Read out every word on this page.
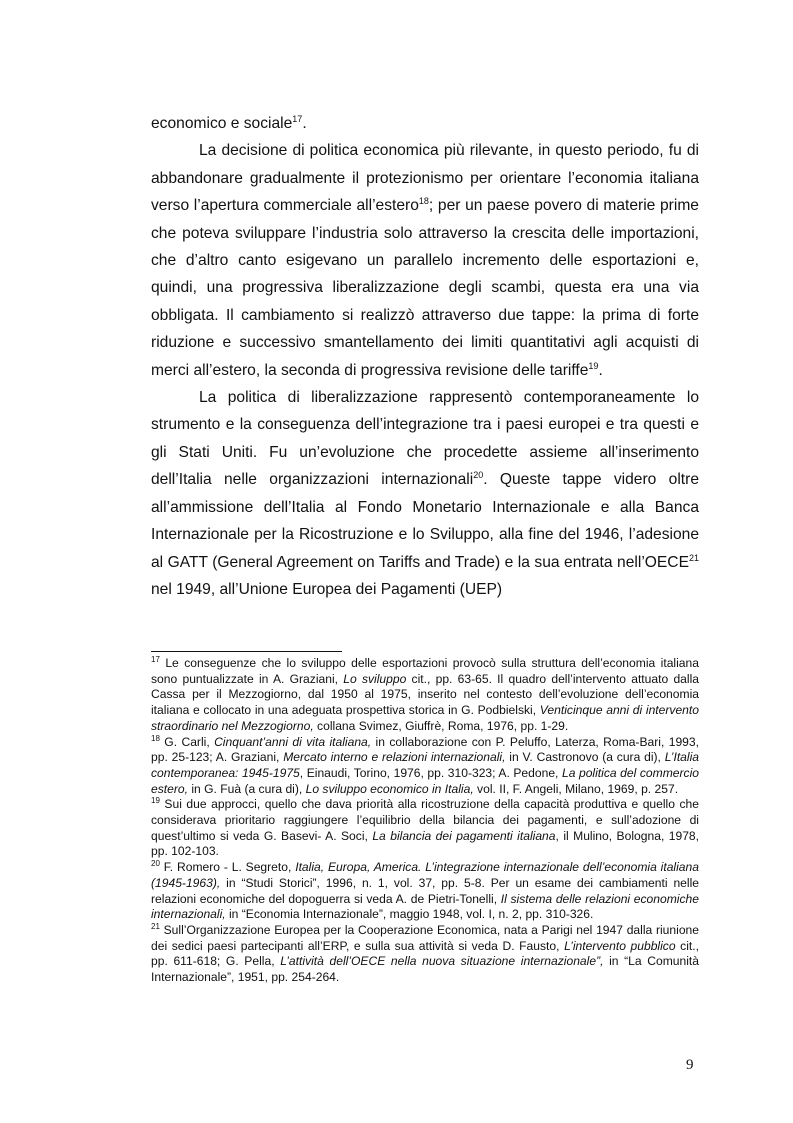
economico e sociale$^{17}$.

La decisione di politica economica più rilevante, in questo periodo, fu di abbandonare gradualmente il protezionismo per orientare l’economia italiana verso l’apertura commerciale all’estero$^{18}$; per un paese povero di materie prime che poteva sviluppare l’industria solo attraverso la crescita delle importazioni, che d’altro canto esigevano un parallelo incremento delle esportazioni e, quindi, una progressiva liberalizzazione degli scambi, questa era una via obbligata. Il cambiamento si realizzò attraverso due tappe: la prima di forte riduzione e successivo smantellamento dei limiti quantitativi agli acquisti di merci all’estero, la seconda di progressiva revisione delle tariffe$^{19}$.

La politica di liberalizzazione rappresentò contemporaneamente lo strumento e la conseguenza dell’integrazione tra i paesi europei e tra questi e gli Stati Uniti. Fu un’evoluzione che procedette assieme all’inserimento dell’Italia nelle organizzazioni internazionali$^{20}$. Queste tappe videro oltre all’ammissione dell’Italia al Fondo Monetario Internazionale e alla Banca Internazionale per la Ricostruzione e lo Sviluppo, alla fine del 1946, l’adesione al GATT (General Agreement on Tariffs and Trade) e la sua entrata nell’OECE$^{21}$ nel 1949, all’Unione Europea dei Pagamenti (UEP)

$^{17}$ Le conseguenze che lo sviluppo delle esportazioni provocò sulla struttura dell’economia italiana sono puntualizzate in A. Graziani, Lo sviluppo cit., pp. 63-65. Il quadro dell’intervento attuato dalla Cassa per il Mezzogiorno, dal 1950 al 1975, inserito nel contesto dell’evoluzione dell’economia italiana e collocato in una adeguata prospettiva storica in G. Podbielski, Venticinque anni di intervento straordinario nel Mezzogiorno, collana Svimez, Giuffrè, Roma, 1976, pp. 1-29.

$^{18}$ G. Carli, Cinquant’anni di vita italiana, in collaborazione con P. Peluffo, Laterza, Roma-Bari, 1993, pp. 25-123; A. Graziani, Mercato interno e relazioni internazionali, in V. Castronovo (a cura di), L’Italia contemporanea: 1945-1975, Einaudi, Torino, 1976, pp. 310-323; A. Pedone, La politica del commercio estero, in G. Fuà (a cura di), Lo sviluppo economico in Italia, vol. II, F. Angeli, Milano, 1969, p. 257.

$^{19}$ Sui due approcci, quello che dava priorità alla ricostruzione della capacità produttiva e quello che considerava prioritario raggiungere l’equilibrio della bilancia dei pagamenti, e sull’adozione di quest’ultimo si veda G. Basevi- A. Soci, La bilancia dei pagamenti italiana, il Mulino, Bologna, 1978, pp. 102-103.

$^{20}$ F. Romero - L. Segreto, Italia, Europa, America. L’integrazione internazionale dell’economia italiana (1945-1963), in “Studi Storici”, 1996, n. 1, vol. 37, pp. 5-8. Per un esame dei cambiamenti nelle relazioni economiche del dopoguerra si veda A. de Pietri-Tonelli, Il sistema delle relazioni economiche internazionali, in “Economia Internazionale”, maggio 1948, vol. I, n. 2, pp. 310-326.

$^{21}$ Sull’Organizzazione Europea per la Cooperazione Economica, nata a Parigi nel 1947 dalla riunione dei sedici paesi partecipanti all’ERP, e sulla sua attività si veda D. Fausto, L’intervento pubblico cit., pp. 611-618; G. Pella, L’attività dell’OECE nella nuova situazione internazionale”, in “La Comunità Internazionale”, 1951, pp. 254-264.

9
